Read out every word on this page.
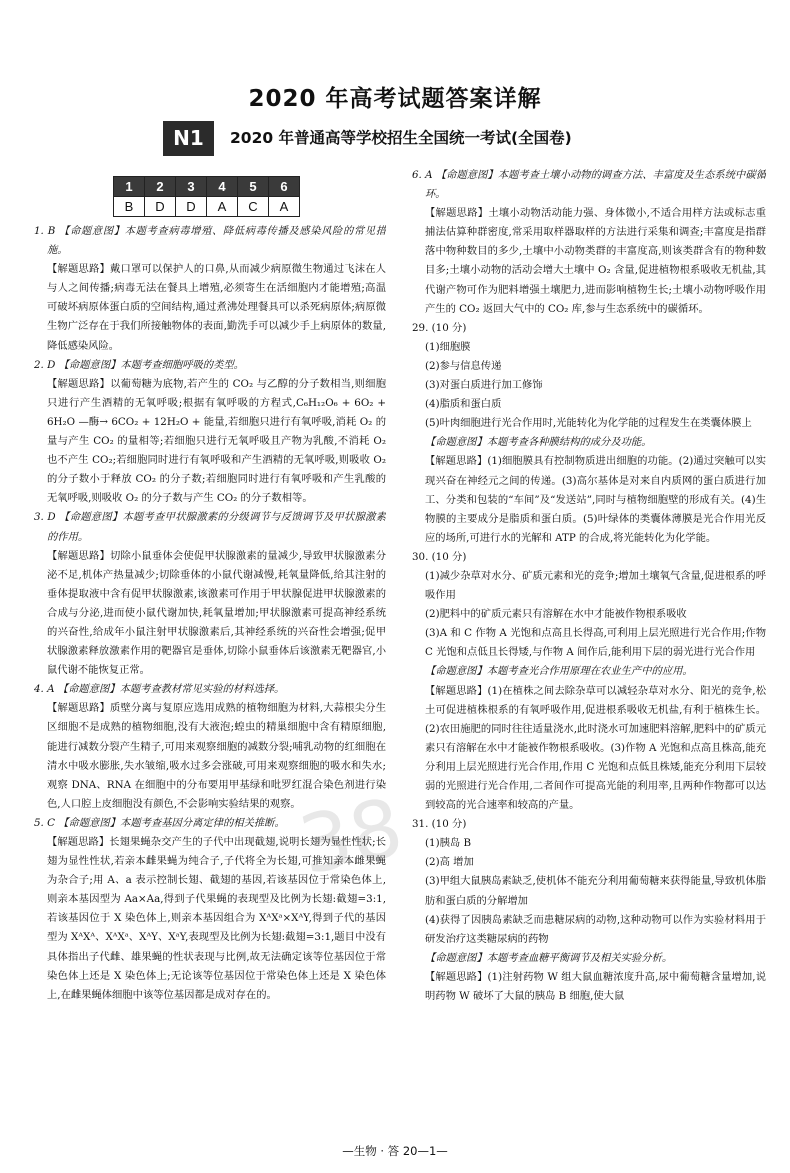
2020 年高考试题答案详解
N1	2020 年普通高等学校招生全国统一考试(全国卷)
1	2	3	4	5	6
B	D	D	A	C	A
38

1. B 【命题意图】本题考查病毒增殖、降低病毒传播及感染风险的常见措施。

【解题思路】戴口罩可以保护人的口鼻,从而减少病原微生物通过飞沫在人与人之间传播;病毒无法在餐具上增殖,必须寄生在活细胞内才能增殖;高温可破坏病原体蛋白质的空间结构,通过煮沸处理餐具可以杀死病原体;病原微生物广泛存在于我们所接触物体的表面,勤洗手可以减少手上病原体的数量,降低感染风险。

2. D 【命题意图】本题考查细胞呼吸的类型。

【解题思路】以葡萄糖为底物,若产生的 CO₂ 与乙醇的分子数相当,则细胞只进行产生酒精的无氧呼吸;根据有氧呼吸的方程式,C₆H₁₂O₆ + 6O₂ + 6H₂O —酶→ 6CO₂ + 12H₂O + 能量,若细胞只进行有氧呼吸,消耗 O₂ 的量与产生 CO₂ 的量相等;若细胞只进行无氧呼吸且产物为乳酸,不消耗 O₂ 也不产生 CO₂;若细胞同时进行有氧呼吸和产生酒精的无氧呼吸,则吸收 O₂ 的分子数小于释放 CO₂ 的分子数;若细胞同时进行有氧呼吸和产生乳酸的无氧呼吸,则吸收 O₂ 的分子数与产生 CO₂ 的分子数相等。

3. D 【命题意图】本题考查甲状腺激素的分级调节与反馈调节及甲状腺激素的作用。

【解题思路】切除小鼠垂体会使促甲状腺激素的量减少,导致甲状腺激素分泌不足,机体产热量减少;切除垂体的小鼠代谢减慢,耗氧量降低,给其注射的垂体提取液中含有促甲状腺激素,该激素可作用于甲状腺促进甲状腺激素的合成与分泌,进而使小鼠代谢加快,耗氧量增加;甲状腺激素可提高神经系统的兴奋性,给成年小鼠注射甲状腺激素后,其神经系统的兴奋性会增强;促甲状腺激素释放激素作用的靶器官是垂体,切除小鼠垂体后该激素无靶器官,小鼠代谢不能恢复正常。

4. A 【命题意图】本题考查教材常见实验的材料选择。

【解题思路】质壁分离与复原应选用成熟的植物细胞为材料,大蒜根尖分生区细胞不是成熟的植物细胞,没有大液泡;蝗虫的精巢细胞中含有精原细胞,能进行减数分裂产生精子,可用来观察细胞的减数分裂;哺乳动物的红细胞在清水中吸水膨胀,失水皱缩,吸水过多会涨破,可用来观察细胞的吸水和失水;观察 DNA、RNA 在细胞中的分布要用甲基绿和吡罗红混合染色剂进行染色,人口腔上皮细胞没有颜色,不会影响实验结果的观察。

5. C 【命题意图】本题考查基因分离定律的相关推断。

【解题思路】长翅果蝇杂交产生的子代中出现截翅,说明长翅为显性性状;长翅为显性性状,若亲本雌果蝇为纯合子,子代将全为长翅,可推知亲本雌果蝇为杂合子;用 A、a 表示控制长翅、截翅的基因,若该基因位于常染色体上,则亲本基因型为 Aa×Aa,得到子代果蝇的表现型及比例为长翅:截翅=3:1,若该基因位于 X 染色体上,则亲本基因组合为 XᴬXᵃ×XᴬY,得到子代的基因型为 XᴬXᴬ、XᴬXᵃ、XᴬY、XᵃY,表现型及比例为长翅:截翅=3:1,题目中没有具体指出子代雌、雄果蝇的性状表现与比例,故无法确定该等位基因位于常染色体上还是 X 染色体上;无论该等位基因位于常染色体上还是 X 染色体上,在雌果蝇体细胞中该等位基因都是成对存在的。

6. A 【命题意图】本题考查土壤小动物的调查方法、丰富度及生态系统中碳循环。

【解题思路】土壤小动物活动能力强、身体微小,不适合用样方法或标志重捕法估算种群密度,常采用取样器取样的方法进行采集和调查;丰富度是指群落中物种数目的多少,土壤中小动物类群的丰富度高,则该类群含有的物种数目多;土壤小动物的活动会增大土壤中 O₂ 含量,促进植物根系吸收无机盐,其代谢产物可作为肥料增强土壤肥力,进而影响植物生长;土壤小动物呼吸作用产生的 CO₂ 返回大气中的 CO₂ 库,参与生态系统中的碳循环。

29. (10 分)

(1)细胞膜

(2)参与信息传递

(3)对蛋白质进行加工修饰

(4)脂质和蛋白质

(5)叶肉细胞进行光合作用时,光能转化为化学能的过程发生在类囊体膜上

【命题意图】本题考查各种膜结构的成分及功能。

【解题思路】(1)细胞膜具有控制物质进出细胞的功能。(2)通过突触可以实现兴奋在神经元之间的传递。(3)高尔基体是对来自内质网的蛋白质进行加工、分类和包装的“车间”及“发送站”,同时与植物细胞壁的形成有关。(4)生物膜的主要成分是脂质和蛋白质。(5)叶绿体的类囊体薄膜是光合作用光反应的场所,可进行水的光解和 ATP 的合成,将光能转化为化学能。

30. (10 分)

(1)减少杂草对水分、矿质元素和光的竞争;增加土壤氧气含量,促进根系的呼吸作用

(2)肥料中的矿质元素只有溶解在水中才能被作物根系吸收

(3)A 和 C 作物 A 光饱和点高且长得高,可利用上层光照进行光合作用;作物 C 光饱和点低且长得矮,与作物 A 间作后,能利用下层的弱光进行光合作用

【命题意图】本题考查光合作用原理在农业生产中的应用。

【解题思路】(1)在植株之间去除杂草可以减轻杂草对水分、阳光的竞争,松土可促进植株根系的有氧呼吸作用,促进根系吸收无机盐,有利于植株生长。(2)农田施肥的同时往往适量浇水,此时浇水可加速肥料溶解,肥料中的矿质元素只有溶解在水中才能被作物根系吸收。(3)作物 A 光饱和点高且株高,能充分利用上层光照进行光合作用,作用 C 光饱和点低且株矮,能充分利用下层较弱的光照进行光合作用,二者间作可提高光能的利用率,且两种作物都可以达到较高的光合速率和较高的产量。

31. (10 分)

(1)胰岛 B

(2)高 增加

(3)甲组大鼠胰岛素缺乏,使机体不能充分利用葡萄糖来获得能量,导致机体脂肪和蛋白质的分解增加

(4)获得了因胰岛素缺乏而患糖尿病的动物,这种动物可以作为实验材料用于研发治疗这类糖尿病的药物

【命题意图】本题考查血糖平衡调节及相关实验分析。

【解题思路】(1)注射药物 W 组大鼠血糖浓度升高,尿中葡萄糖含量增加,说明药物 W 破坏了大鼠的胰岛 B 细胞,使大鼠

—生物 · 答 20—1—
